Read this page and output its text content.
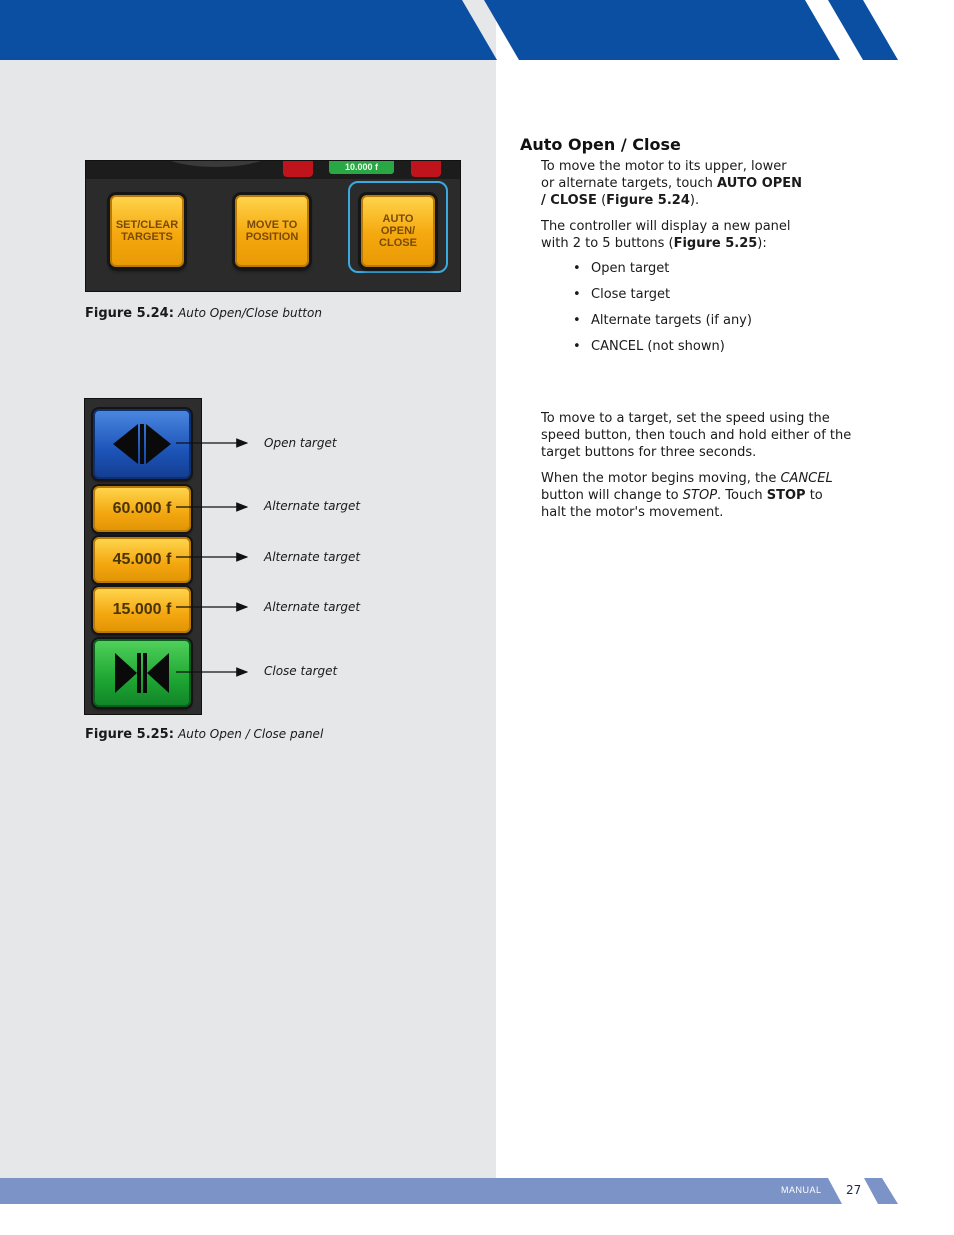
10.000 f
SET/CLEAR
TARGETS
MOVE TO
POSITION
AUTO
OPEN/
CLOSE
Figure 5.24: Auto Open/Close button
60.000 f
45.000 f
15.000 f
Open target
Alternate target
Alternate target
Alternate target
Close target
Figure 5.25: Auto Open / Close panel
Auto Open / Close
To move the motor to its upper, lower or alternate targets, touch AUTO OPEN / CLOSE (Figure 5.24).
The controller will display a new panel with 2 to 5 buttons (Figure 5.25):
• Open target
• Close target
• Alternate targets (if any)
• CANCEL (not shown)
To move to a target, set the speed using the speed button, then touch and hold either of the target buttons for three seconds.
When the motor begins moving, the CANCEL button will change to STOP. Touch STOP to halt the motor's movement.
MANUAL 27
